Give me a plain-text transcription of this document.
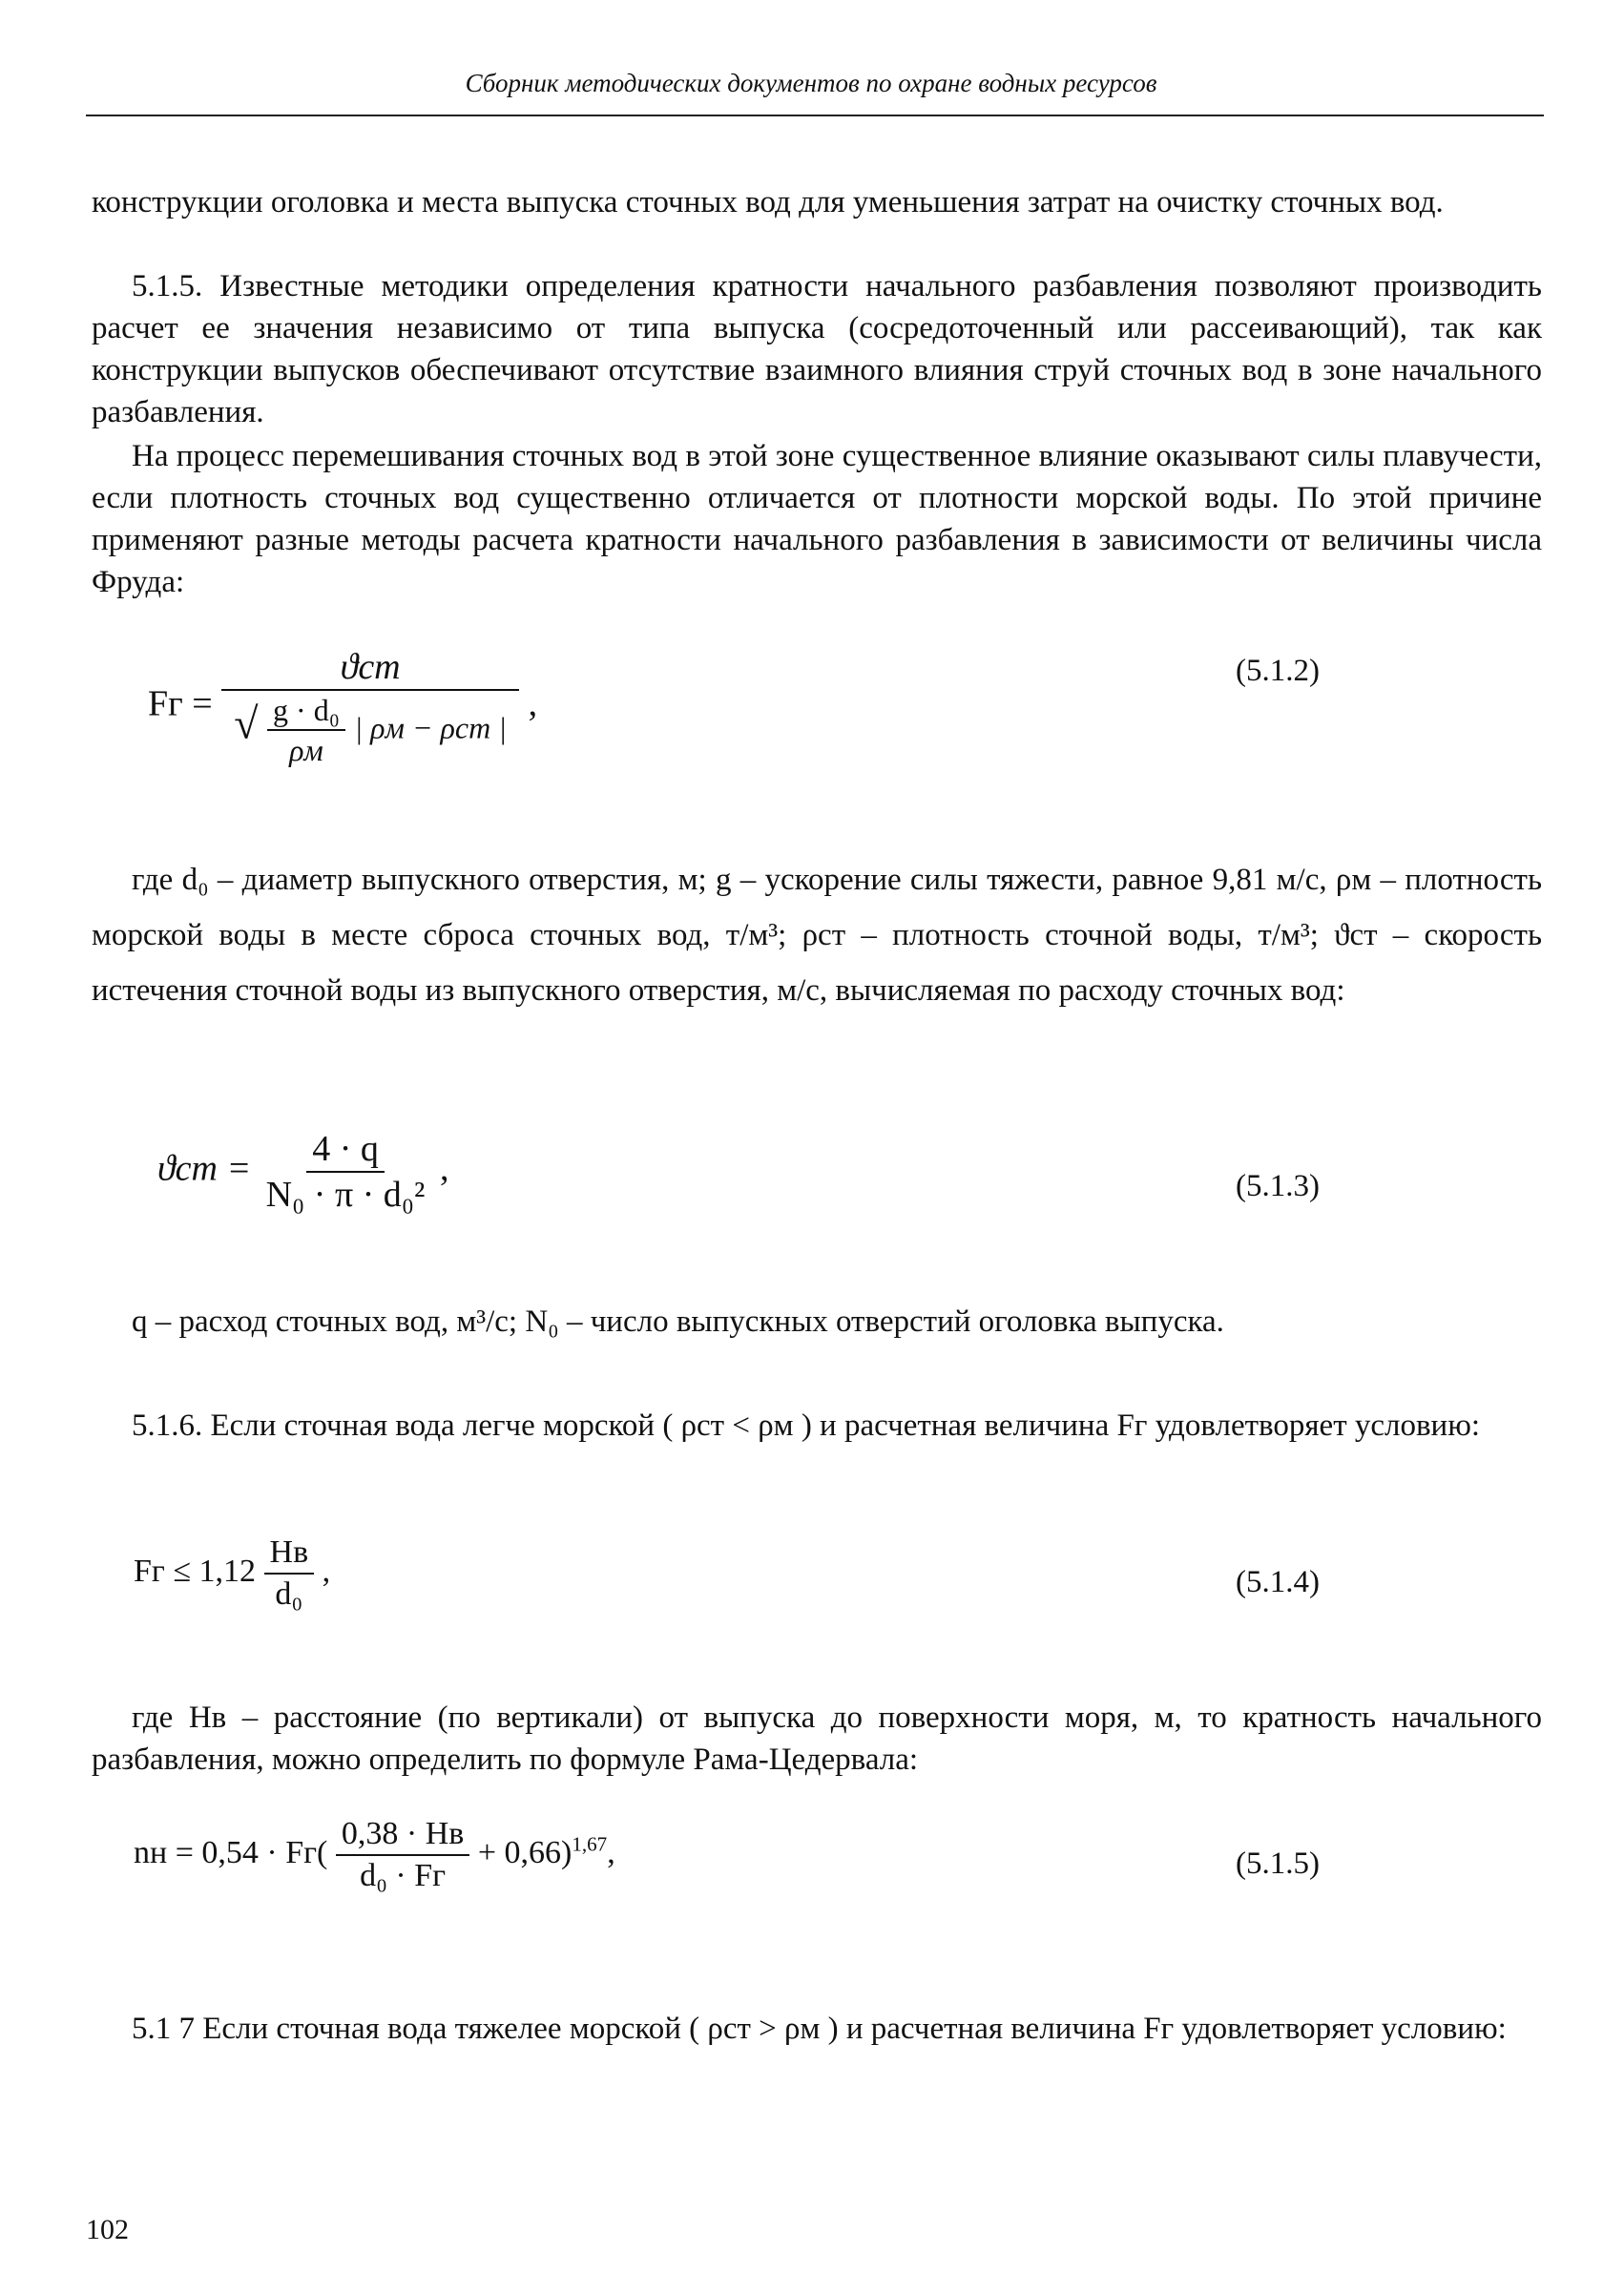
Сборник методических документов по охране водных ресурсов
конструкции оголовка и места выпуска сточных вод для уменьшения затрат на очистку сточных вод.
5.1.5. Известные методики определения кратности начального разбавления позволяют производить расчет ее значения независимо от типа выпуска (сосредоточенный или рассеивающий), так как конструкции выпусков обеспечивают отсутствие взаимного влияния струй сточных вод в зоне начального разбавления.
На процесс перемешивания сточных вод в этой зоне существенное влияние оказывают силы плавучести, если плотность сточных вод существенно отличается от плотности морской воды. По этой причине применяют разные методы расчета кратности начального разбавления в зависимости от величины числа Фруда:
Fг =
ϑст
√ $\frac{\text{g · d₀}}{\rho м}$ | ρм − ρст |
,
(5.1.2)
где d₀ – диаметр выпускного отверстия, м; g – ускорение силы тяжести, равное 9,81 м/с, ρм – плотность морской воды в месте сброса сточных вод, т/м³; ρст – плотность сточной воды, т/м³; ϑст – скорость истечения сточной воды из выпускного отверстия, м/с, вычисляемая по расходу сточных вод:
$ϑст = \frac{4 \cdot q}{\text{N₀ · π · d₀²}}$ ,	(5.1.3)
q – расход сточных вод, м³/с; N₀ – число выпускных отверстий оголовка выпуска.
5.1.6. Если сточная вода легче морской ( ρст < ρм ) и расчетная величина Fг удовлетворяет условию:
Fг ≤ $1,12 \frac{Hв}{\text{d₀}}$ ,	(5.1.4)
где Hв – расстояние (по вертикали) от выпуска до поверхности моря, м, то кратность начального разбавления, можно определить по формуле Рама-Цедервала:
nн = $0,54 \cdot Fг( \frac{0,38 \cdot Hв}{\text{d₀ · Fг}} + 0,66)^{1,67}$,	(5.1.5)
5.1 7 Если сточная вода тяжелее морской ( ρст > ρм ) и расчетная величина Fг удовлетворяет условию:
102
